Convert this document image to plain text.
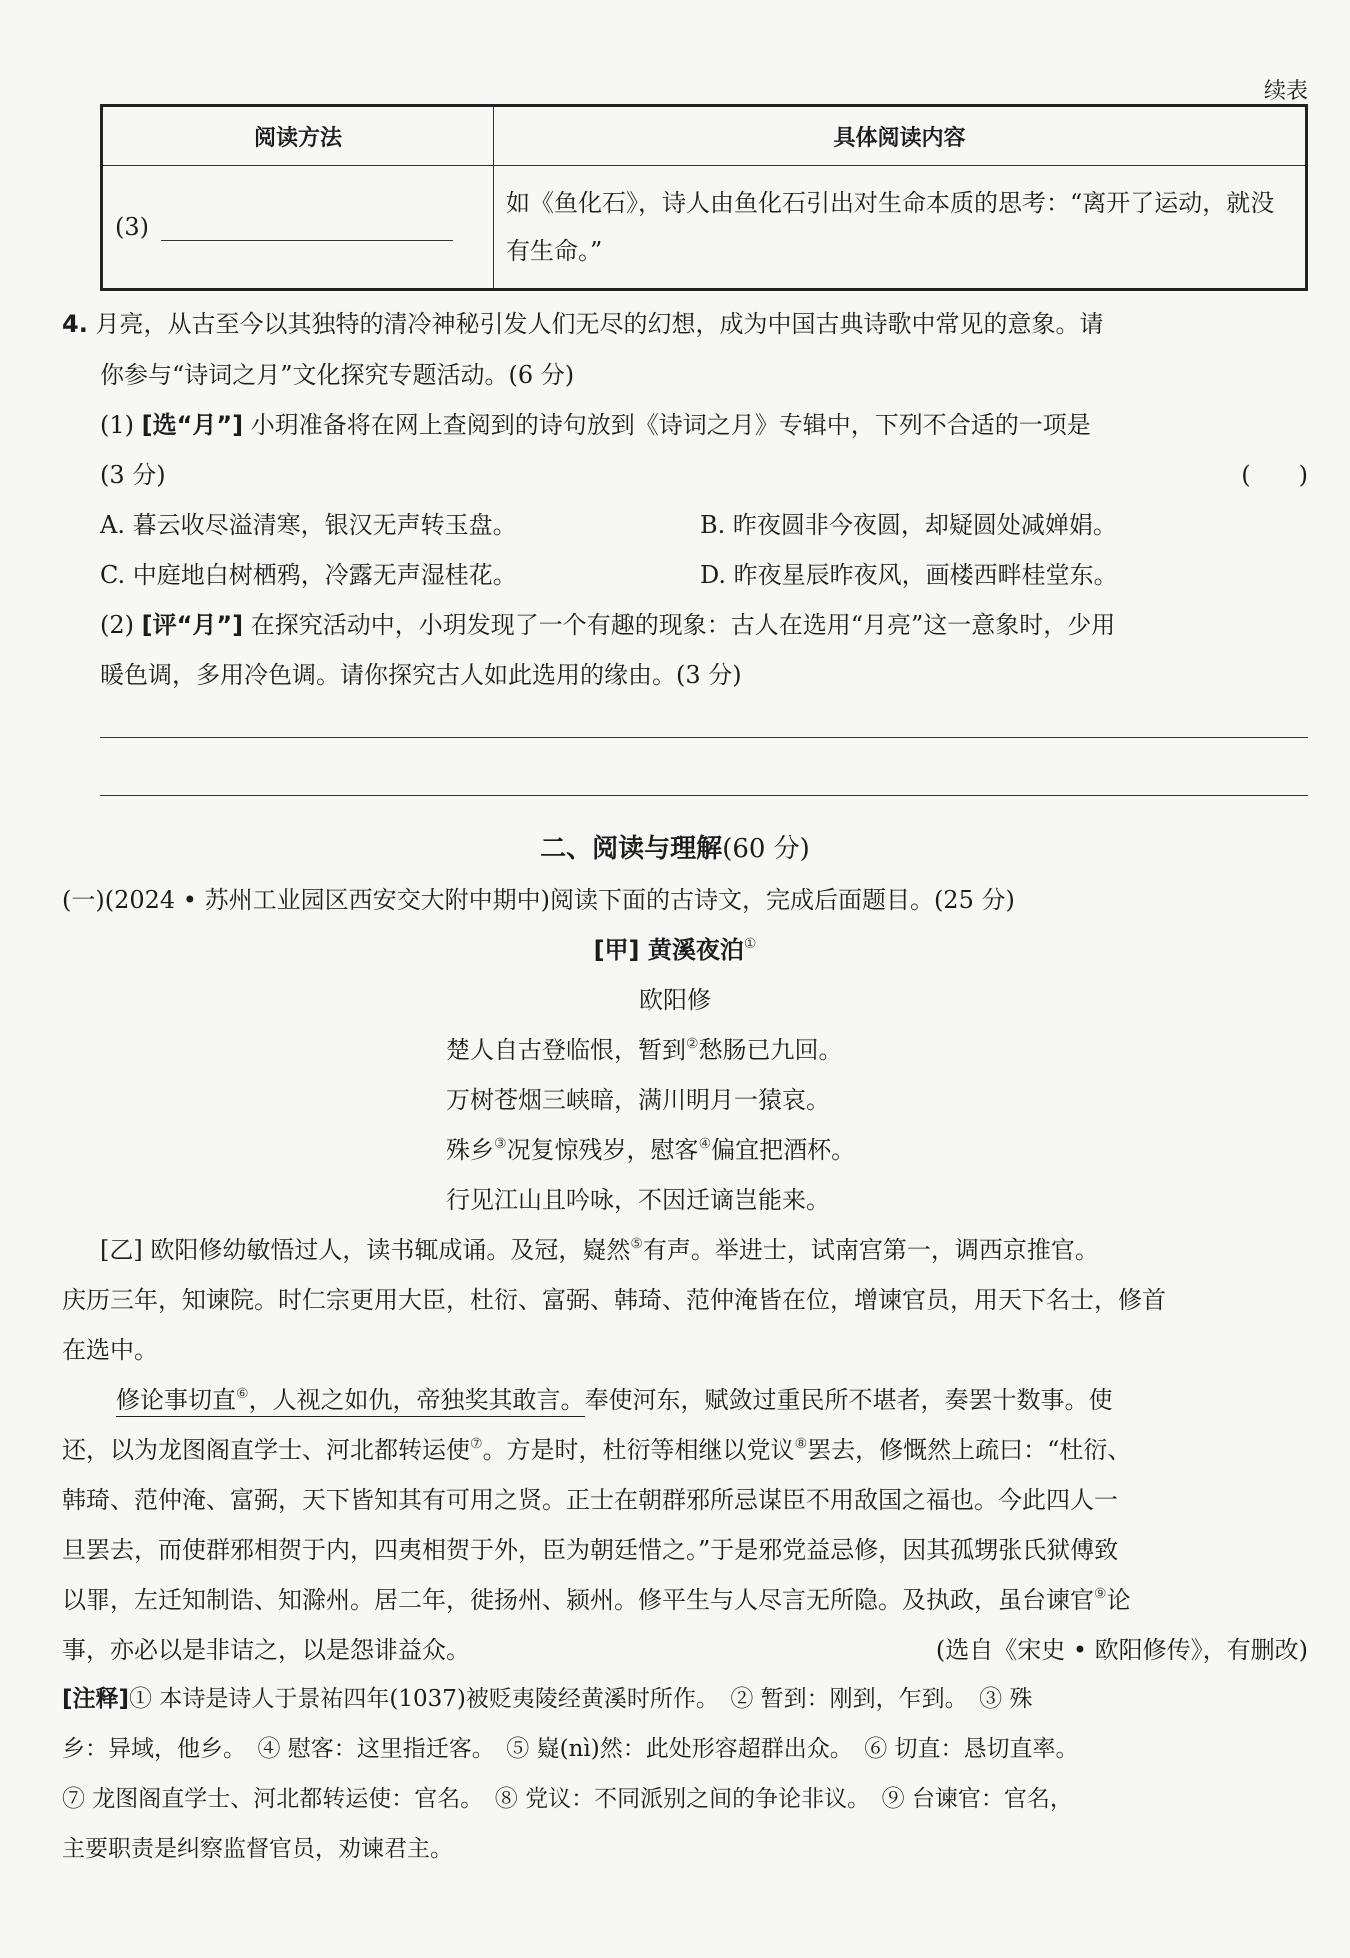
续表
阅读方法	具体阅读内容
(3)	如《鱼化石》，诗人由鱼化石引出对生命本质的思考：“离开了运动，就没有生命。”
4. 月亮，从古至今以其独特的清冷神秘引发人们无尽的幻想，成为中国古典诗歌中常见的意象。请
你参与“诗词之月”文化探究专题活动。(6 分)
(1) [选“月”] 小玥准备将在网上查阅到的诗句放到《诗词之月》专辑中，下列不合适的一项是
(3 分)	(　　)
A. 暮云收尽溢清寒，银汉无声转玉盘。	B. 昨夜圆非今夜圆，却疑圆处减婵娟。
C. 中庭地白树栖鸦，冷露无声湿桂花。	D. 昨夜星辰昨夜风，画楼西畔桂堂东。
(2) [评“月”] 在探究活动中，小玥发现了一个有趣的现象：古人在选用“月亮”这一意象时，少用
暖色调，多用冷色调。请你探究古人如此选用的缘由。(3 分)
二、阅读与理解(60 分)
(一)(2024 • 苏州工业园区西安交大附中期中)阅读下面的古诗文，完成后面题目。(25 分)
[甲] 黄溪夜泊①
欧阳修
楚人自古登临恨，暂到②愁肠已九回。
万树苍烟三峡暗，满川明月一猿哀。
殊乡③况复惊残岁，慰客④偏宜把酒杯。
行见江山且吟咏，不因迁谪岂能来。
[乙] 欧阳修幼敏悟过人，读书辄成诵。及冠，嶷然⑤有声。举进士，试南宫第一，调西京推官。
庆历三年，知谏院。时仁宗更用大臣，杜衍、富弼、韩琦、范仲淹皆在位，增谏官员，用天下名士，修首
在选中。
修论事切直⑥，人视之如仇，帝独奖其敢言。奉使河东，赋敛过重民所不堪者，奏罢十数事。使
还，以为龙图阁直学士、河北都转运使⑦。方是时，杜衍等相继以党议⑧罢去，修慨然上疏曰：“杜衍、
韩琦、范仲淹、富弼，天下皆知其有可用之贤。正士在朝群邪所忌谋臣不用敌国之福也。今此四人一
旦罢去，而使群邪相贺于内，四夷相贺于外，臣为朝廷惜之。”于是邪党益忌修，因其孤甥张氏狱傅致
以罪，左迁知制诰、知滁州。居二年，徙扬州、颍州。修平生与人尽言无所隐。及执政，虽台谏官⑨论
事，亦必以是非诘之，以是怨诽益众。	(选自《宋史 • 欧阳修传》，有删改)
[注释]① 本诗是诗人于景祐四年(1037)被贬夷陵经黄溪时所作。　② 暂到：刚到，乍到。　③ 殊
乡：异域，他乡。　④ 慰客：这里指迁客。　⑤ 嶷(nì)然：此处形容超群出众。　⑥ 切直：恳切直率。
⑦ 龙图阁直学士、河北都转运使：官名。　⑧ 党议：不同派别之间的争论非议。　⑨ 台谏官：官名，
主要职责是纠察监督官员，劝谏君主。
